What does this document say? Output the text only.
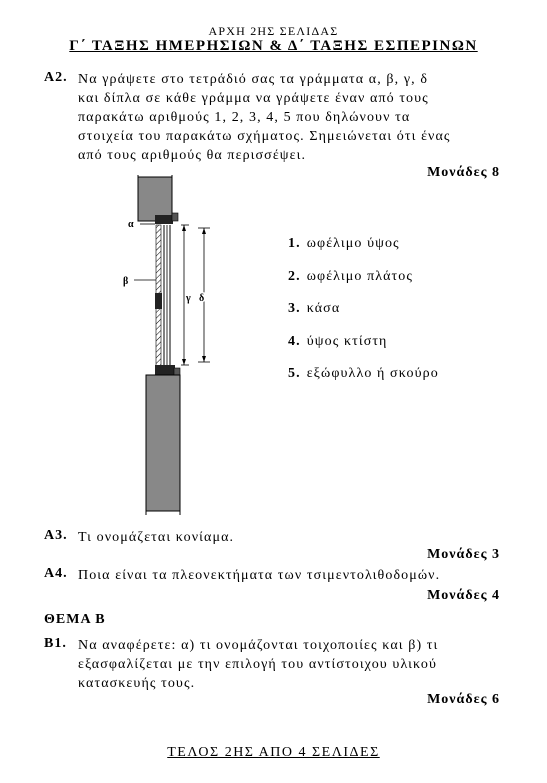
ΑΡΧΗ 2ΗΣ ΣΕΛΙΔΑΣ
Γ΄ ΤΑΞΗΣ ΗΜΕΡΗΣΙΩΝ & Δ΄ ΤΑΞΗΣ ΕΣΠΕΡΙΝΩΝ
Α2. Να γράψετε στο τετράδιό σας τα γράμματα α, β, γ, δ
και δίπλα σε κάθε γράμμα να γράψετε έναν από τους
παρακάτω αριθμούς 1, 2, 3, 4, 5 που δηλώνουν τα
στοιχεία του παρακάτω σχήματος. Σημειώνεται ότι ένας
από τους αριθμούς θα περισσέψει.
Μονάδες 8
α
β
γ δ
1. ωφέλιμο ύψος
2. ωφέλιμο πλάτος
3. κάσα
4. ύψος κτίστη
5. εξώφυλλο ή σκούρο
Α3. Τι ονομάζεται κονίαμα.
Μονάδες 3
Α4. Ποια είναι τα πλεονεκτήματα των τσιμεντολιθοδομών.
Μονάδες 4
ΘΕΜΑ Β
Β1. Να αναφέρετε: α) τι ονομάζονται τοιχοποιίες και β) τι
εξασφαλίζεται με την επιλογή του αντίστοιχου υλικού
κατασκευής τους.
Μονάδες 6
ΤΕΛΟΣ 2ΗΣ ΑΠΟ 4 ΣΕΛΙΔΕΣ
